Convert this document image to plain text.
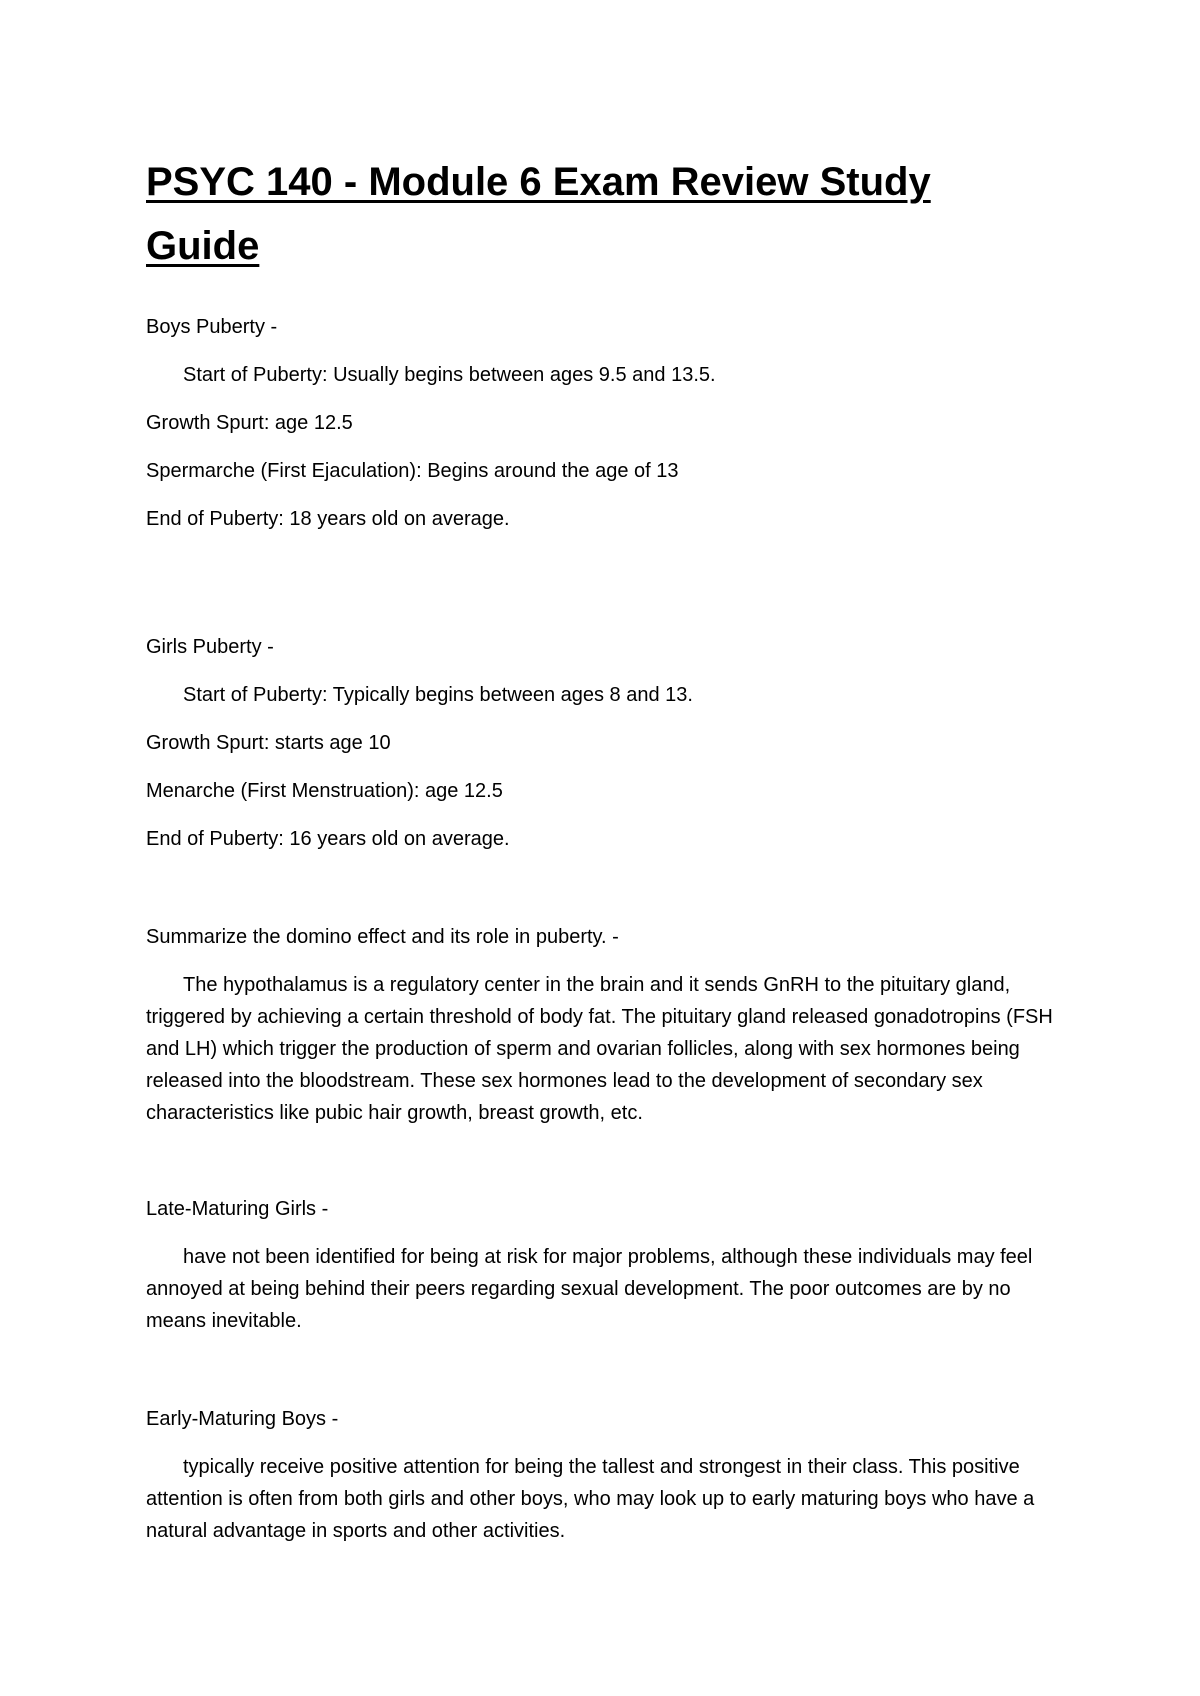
PSYC 140 - Module 6 Exam Review Study Guide

Boys Puberty -

Start of Puberty: Usually begins between ages 9.5 and 13.5.

Growth Spurt: age 12.5

Spermarche (First Ejaculation): Begins around the age of 13

End of Puberty: 18 years old on average.

Girls Puberty -

Start of Puberty: Typically begins between ages 8 and 13.

Growth Spurt: starts age 10

Menarche (First Menstruation): age 12.5

End of Puberty: 16 years old on average.

Summarize the domino effect and its role in puberty. -

The hypothalamus is a regulatory center in the brain and it sends GnRH to the pituitary gland, triggered by achieving a certain threshold of body fat. The pituitary gland released gonadotropins (FSH and LH) which trigger the production of sperm and ovarian follicles, along with sex hormones being released into the bloodstream. These sex hormones lead to the development of secondary sex characteristics like pubic hair growth, breast growth, etc.

Late-Maturing Girls -

have not been identified for being at risk for major problems, although these individuals may feel annoyed at being behind their peers regarding sexual development. The poor outcomes are by no means inevitable.

Early-Maturing Boys -

typically receive positive attention for being the tallest and strongest in their class. This positive attention is often from both girls and other boys, who may look up to early maturing boys who have a natural advantage in sports and other activities.
